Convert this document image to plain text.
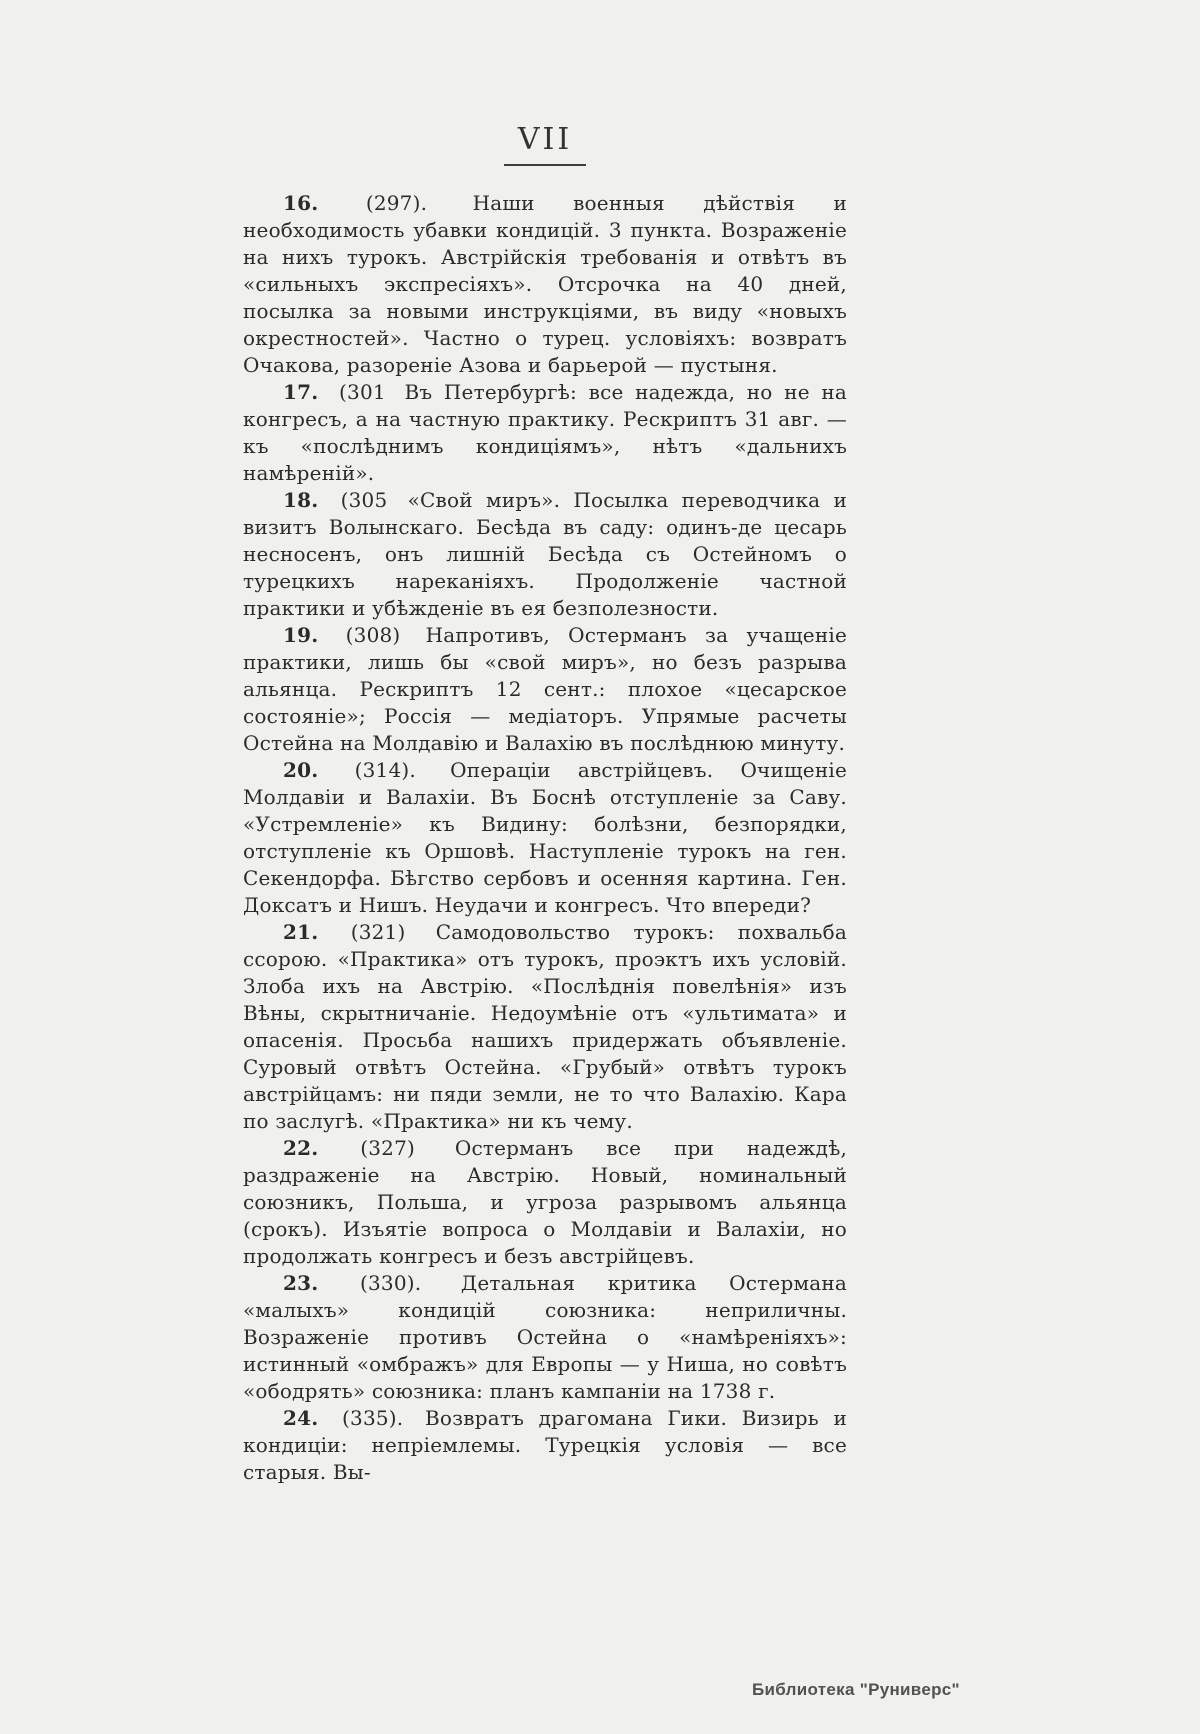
VII

16. (297). Наши военныя дѣйствія и необходимость убавки кондицій. 3 пункта. Возраженіе на нихъ турокъ. Австрійскія требованія и отвѣтъ въ «сильныхъ экспресіяхъ». Отсрочка на 40 дней, посылка за новыми инструкціями, въ виду «новыхъ окрестностей». Частно о турец. условіяхъ: возвратъ Очакова, разореніе Азова и барьерой — пустыня.

17. (301 Въ Петербургѣ: все надежда, но не на конгресъ, а на частную практику. Рескриптъ 31 авг. — къ «послѣднимъ кондиціямъ», нѣтъ «дальнихъ намѣреній».

18. (305 «Свой миръ». Посылка переводчика и визитъ Волынскаго. Бесѣда въ саду: одинъ-де цесарь несносенъ, онъ лишній Бесѣда съ Остейномъ о турецкихъ нареканіяхъ. Продолженіе частной практики и убѣжденіе въ ея безполезности.

19. (308) Напротивъ, Остерманъ за учащеніе практики, лишь бы «свой миръ», но безъ разрыва альянца. Рескриптъ 12 сент.: плохое «цесарское состояніе»; Россія — медіаторъ. Упрямые расчеты Остейна на Молдавію и Валахію въ послѣднюю минуту.

20. (314). Операціи австрійцевъ. Очищеніе Молдавіи и Валахіи. Въ Боснѣ отступленіе за Саву. «Устремленіе» къ Видину: болѣзни, безпорядки, отступленіе къ Оршовѣ. Наступленіе турокъ на ген. Секендорфа. Бѣгство сербовъ и осенняя картина. Ген. Доксатъ и Нишъ. Неудачи и конгресъ. Что впереди?

21. (321) Самодовольство турокъ: похвальба ссорою. «Практика» отъ турокъ, проэктъ ихъ условій. Злоба ихъ на Австрію. «Послѣднія повелѣнія» изъ Вѣны, скрытничаніе. Недоумѣніе отъ «ультимата» и опасенія. Просьба нашихъ придержать объявленіе. Суровый отвѣтъ Остейна. «Грубый» отвѣтъ турокъ австрійцамъ: ни пяди земли, не то что Валахію. Кара по заслугѣ. «Практика» ни къ чему.

22. (327) Остерманъ все при надеждѣ, раздраженіе на Австрію. Новый, номинальный союзникъ, Польша, и угроза разрывомъ альянца (срокъ). Изъятіе вопроса о Молдавіи и Валахіи, но продолжать конгресъ и безъ австрійцевъ.

23. (330). Детальная критика Остермана «малыхъ» кондицій союзника: неприличны. Возраженіе противъ Остейна о «намѣреніяхъ»: истинный «омбражъ» для Европы — у Ниша, но совѣтъ «ободрять» союзника: планъ кампаніи на 1738 г.

24. (335). Возвратъ драгомана Гики. Визирь и кондиціи: непріемлемы. Турецкія условія — все старыя. Вы-

Библиотека "Руниверс"
